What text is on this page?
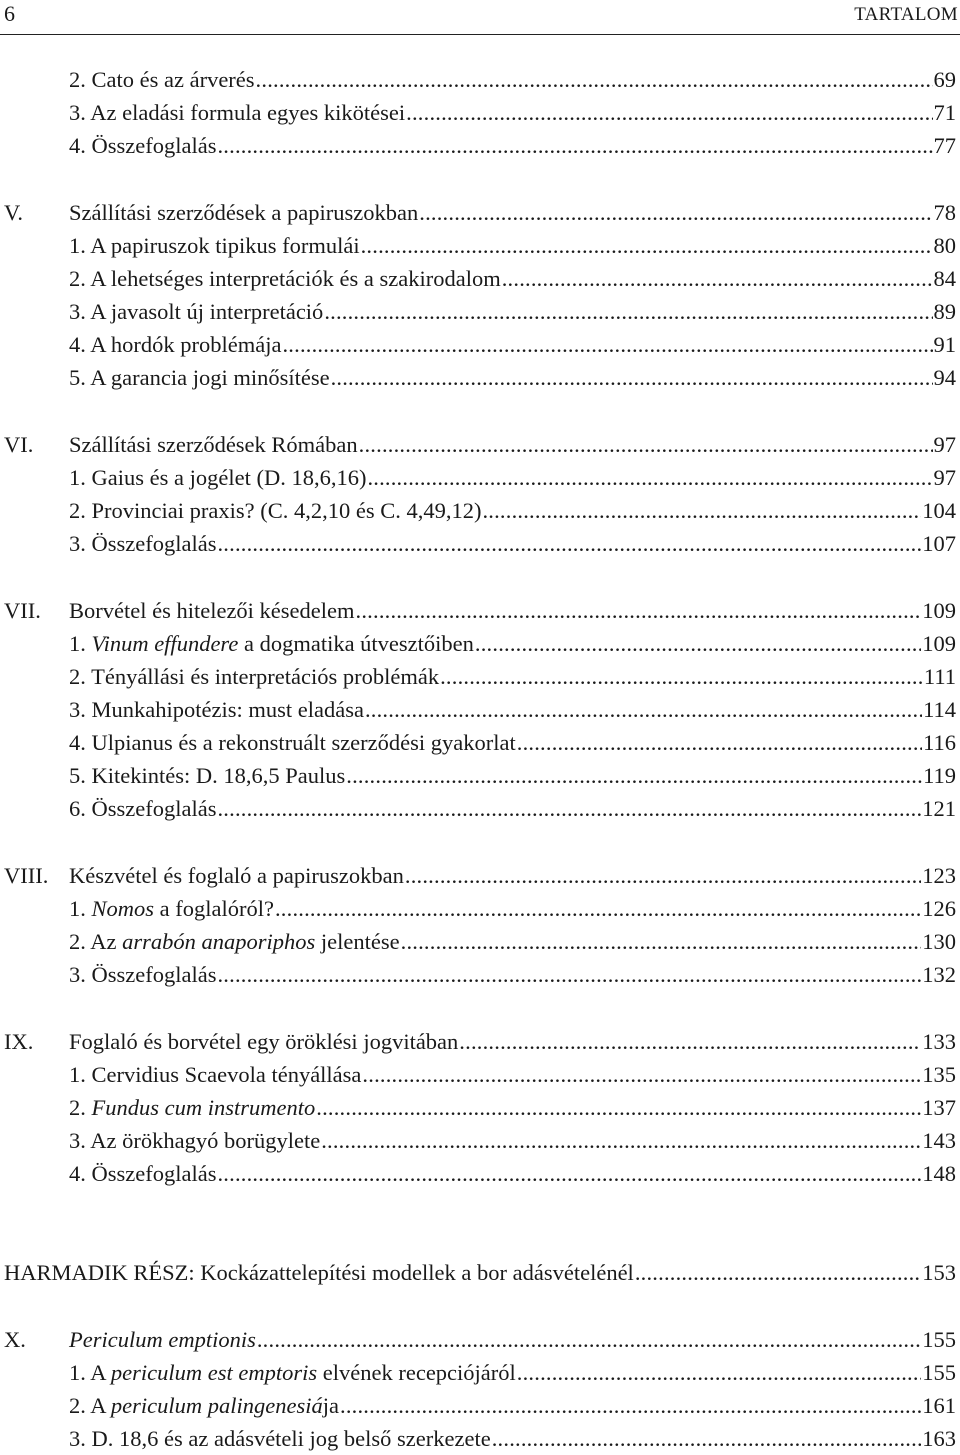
6	TARTALOM
2. Cato és az árverés .....	69
3. Az eladási formula egyes kikötései .....	71
4. Összefoglalás .....	77
V. Szállítási szerződések a papiruszokban .....	78
1. A papiruszok tipikus formulái .....	80
2. A lehetséges interpretációk és a szakirodalom .....	84
3. A javasolt új interpretáció .....	89
4. A hordók problémája .....	91
5. A garancia jogi minősítése .....	94
VI. Szállítási szerződések Rómában .....	97
1. Gaius és a jogélet (D. 18,6,16) .....	97
2. Provinciai praxis? (C. 4,2,10 és C. 4,49,12) .....	104
3. Összefoglalás .....	107
VII. Borvétel és hitelezői késedelem .....	109
1. Vinum effundere a dogmatika útvesztőiben .....	109
2. Tényállási és interpretációs problémák .....	111
3. Munkahipotézis: must eladása .....	114
4. Ulpianus és a rekonstruált szerződési gyakorlat .....	116
5. Kitekintés: D. 18,6,5 Paulus .....	119
6. Összefoglalás .....	121
VIII. Készvétel és foglaló a papiruszokban .....	123
1. Nomos a foglalóról? .....	126
2. Az arrabón anaporiphos jelentése .....	130
3. Összefoglalás .....	132
IX. Foglaló és borvétel egy öröklési jogvitában .....	133
1. Cervidius Scaevola tényállása .....	135
2. Fundus cum instrumento .....	137
3. Az örökhagyó borügylete .....	143
4. Összefoglalás .....	148
HARMADIK RÉSZ: Kockázattelepítési modellek a bor adásvételénél .....	153
X. Periculum emptionis .....	155
1. A periculum est emptoris elvének recepciójáról .....	155
2. A periculum palingenesiája .....	161
3. D. 18,6 és az adásvételi jog belső szerkezete .....	163
